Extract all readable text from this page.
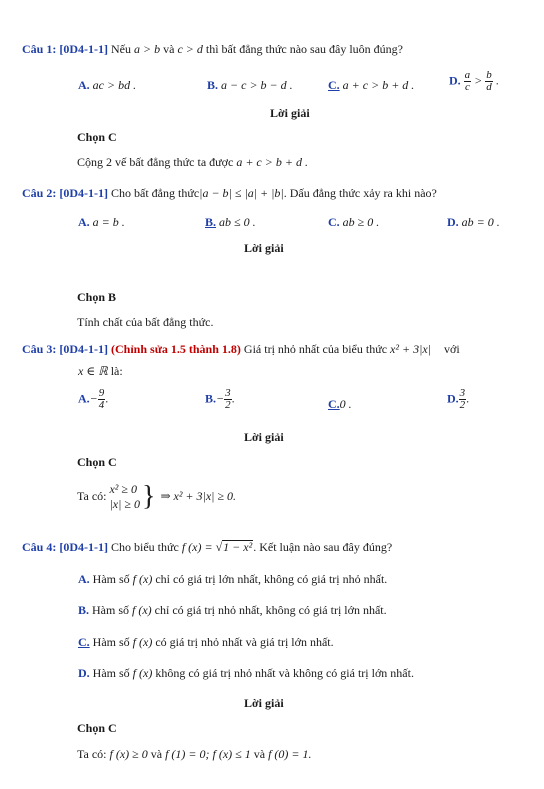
Câu 1: [0D4-1-1] Nếu a > b và c > d thì bất đẳng thức nào sau đây luôn đúng?
A. ac > bd .	B. a − c > b − d .	C. a + c > b + d .	D. $\frac{a}{c} > \frac{b}{d}$ .
Lời giải
Chọn C
Cộng 2 vế bất đẳng thức ta được a + c > b + d .
Câu 2: [0D4-1-1] Cho bất đẳng thức|a − b| ≤ |a| + |b|. Dấu đẳng thức xảy ra khi nào?
A. a = b .	B. ab ≤ 0 .	C. ab ≥ 0 .	D. ab = 0 .
Lời giải
Chọn B
Tính chất của bất đẳng thức.
Câu 3: [0D4-1-1] (Chỉnh sửa 1.5 thành 1.8) Giá trị nhỏ nhất của biểu thức x² + 3|x| với
x ∈ ℝ là:
$A.- \frac{9}{4}$ .	$B.- \frac{3}{2}$ .	C.0 .	D. $\frac{3}{2}$ .
Lời giải
Chọn C
Ta có: x² ≥ 0
|x| ≥ 0 } ⇒ x² + 3|x| ≥ 0.
Câu 4: [0D4-1-1] Cho biểu thức f (x) = √1 − x². Kết luận nào sau đây đúng?
A. Hàm số f (x) chỉ có giá trị lớn nhất, không có giá trị nhỏ nhất.
B. Hàm số f (x) chỉ có giá trị nhỏ nhất, không có giá trị lớn nhất.
C. Hàm số f (x) có giá trị nhỏ nhất và giá trị lớn nhất.
D. Hàm số f (x) không có giá trị nhỏ nhất và không có giá trị lớn nhất.
Lời giải
Chọn C
Ta có: f (x) ≥ 0 và f (1) = 0; f (x) ≤ 1 và f (0) = 1.
